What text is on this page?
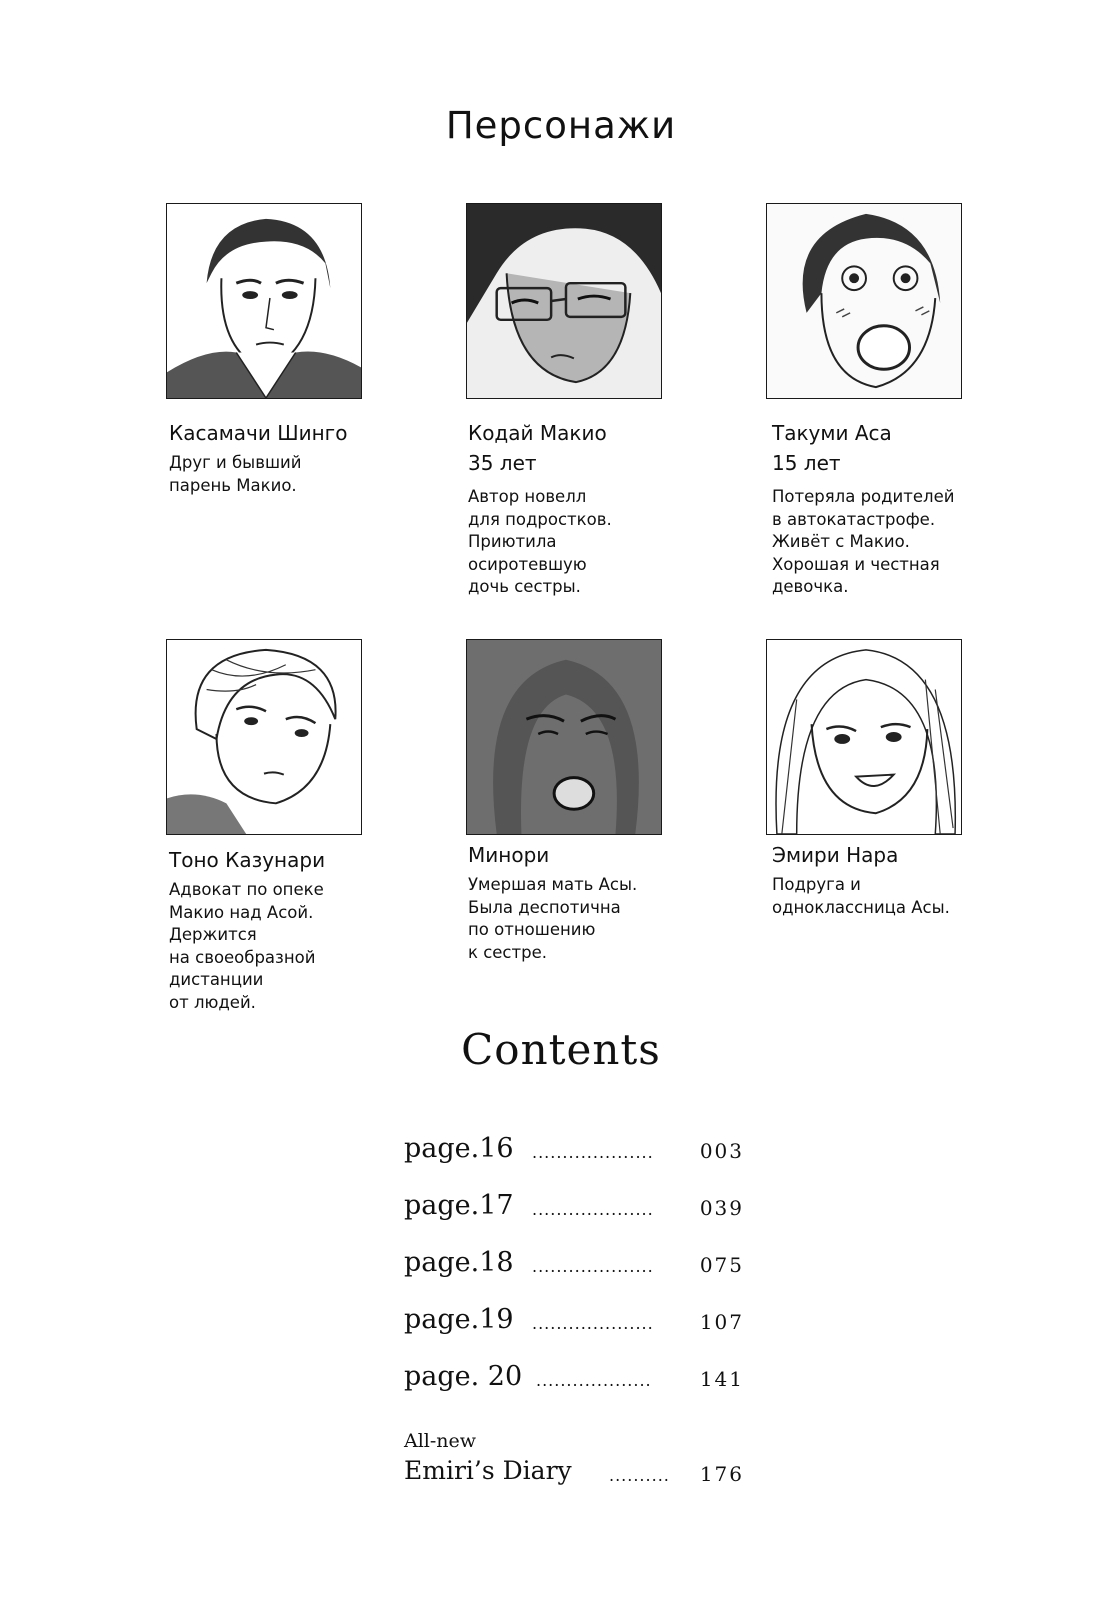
Персонажи
Касамачи Шинго
Друг и бывший
парень Макио.
Кодай Макио
35 лет
Автор новелл
для подростков.
Приютила
осиротевшую
дочь сестры.
Такуми Аса
15 лет
Потеряла родителей
в автокатастрофе.
Живёт с Макио.
Хорошая и честная
девочка.
Тоно Казунари
Адвокат по опеке
Макио над Асой.
Держится
на своеобразной
дистанции
от людей.
Минори
Умершая мать Асы.
Была деспотична
по отношению
к сестре.
Эмири Нара
Подруга и
одноклассница Асы.
Contents
page.16 .................... 003
page.17 .................... 039
page.18 .................... 075
page.19 .................... 107
page. 20 ................... 141
All-new
Emiri’s Diary .......... 176
